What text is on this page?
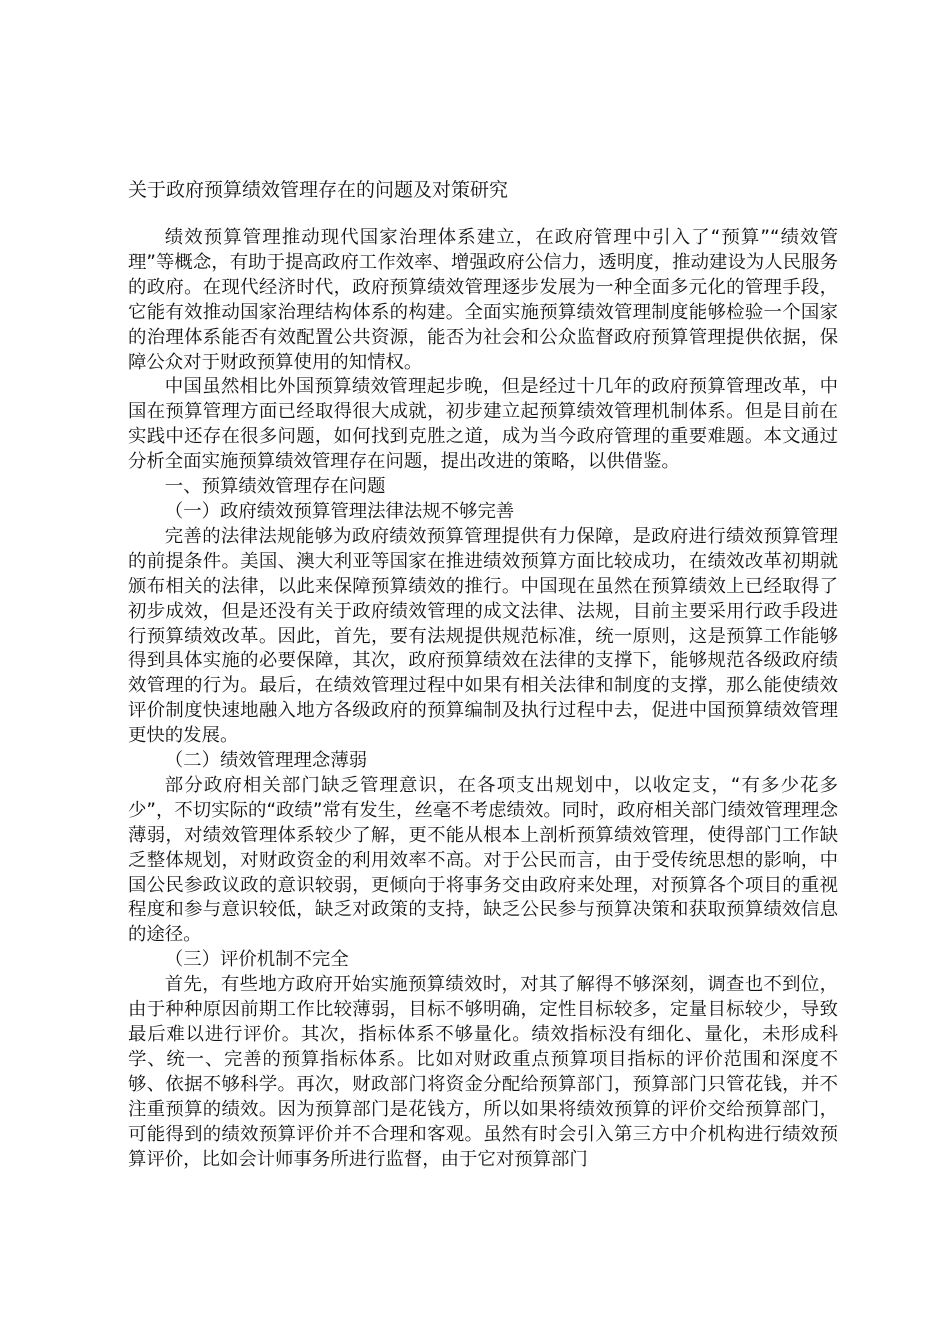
关于政府预算绩效管理存在的问题及对策研究

绩效预算管理推动现代国家治理体系建立，在政府管理中引入了“预算”“绩效管理”等概念，有助于提高政府工作效率、增强政府公信力，透明度，推动建设为人民服务的政府。在现代经济时代，政府预算绩效管理逐步发展为一种全面多元化的管理手段，它能有效推动国家治理结构体系的构建。全面实施预算绩效管理制度能够检验一个国家的治理体系能否有效配置公共资源，能否为社会和公众监督政府预算管理提供依据，保障公众对于财政预算使用的知情权。

中国虽然相比外国预算绩效管理起步晚，但是经过十几年的政府预算管理改革，中国在预算管理方面已经取得很大成就，初步建立起预算绩效管理机制体系。但是目前在实践中还存在很多问题，如何找到克胜之道，成为当今政府管理的重要难题。本文通过分析全面实施预算绩效管理存在问题，提出改进的策略，以供借鉴。

一、预算绩效管理存在问题

（一）政府绩效预算管理法律法规不够完善

完善的法律法规能够为政府绩效预算管理提供有力保障，是政府进行绩效预算管理的前提条件。美国、澳大利亚等国家在推进绩效预算方面比较成功，在绩效改革初期就颁布相关的法律，以此来保障预算绩效的推行。中国现在虽然在预算绩效上已经取得了初步成效，但是还没有关于政府绩效管理的成文法律、法规，目前主要采用行政手段进行预算绩效改革。因此，首先，要有法规提供规范标准，统一原则，这是预算工作能够得到具体实施的必要保障，其次，政府预算绩效在法律的支撑下，能够规范各级政府绩效管理的行为。最后，在绩效管理过程中如果有相关法律和制度的支撑，那么能使绩效评价制度快速地融入地方各级政府的预算编制及执行过程中去，促进中国预算绩效管理更快的发展。

（二）绩效管理理念薄弱

部分政府相关部门缺乏管理意识，在各项支出规划中，以收定支，“有多少花多少”，不切实际的“政绩”常有发生，丝毫不考虑绩效。同时，政府相关部门绩效管理理念薄弱，对绩效管理体系较少了解，更不能从根本上剖析预算绩效管理，使得部门工作缺乏整体规划，对财政资金的利用效率不高。对于公民而言，由于受传统思想的影响，中国公民参政议政的意识较弱，更倾向于将事务交由政府来处理，对预算各个项目的重视程度和参与意识较低，缺乏对政策的支持，缺乏公民参与预算决策和获取预算绩效信息的途径。

（三）评价机制不完全

首先，有些地方政府开始实施预算绩效时，对其了解得不够深刻，调查也不到位，由于种种原因前期工作比较薄弱，目标不够明确，定性目标较多，定量目标较少，导致最后难以进行评价。其次，指标体系不够量化。绩效指标没有细化、量化，未形成科学、统一、完善的预算指标体系。比如对财政重点预算项目指标的评价范围和深度不够、依据不够科学。再次，财政部门将资金分配给预算部门，预算部门只管花钱，并不注重预算的绩效。因为预算部门是花钱方，所以如果将绩效预算的评价交给预算部门，可能得到的绩效预算评价并不合理和客观。虽然有时会引入第三方中介机构进行绩效预算评价，比如会计师事务所进行监督，由于它对预算部门
